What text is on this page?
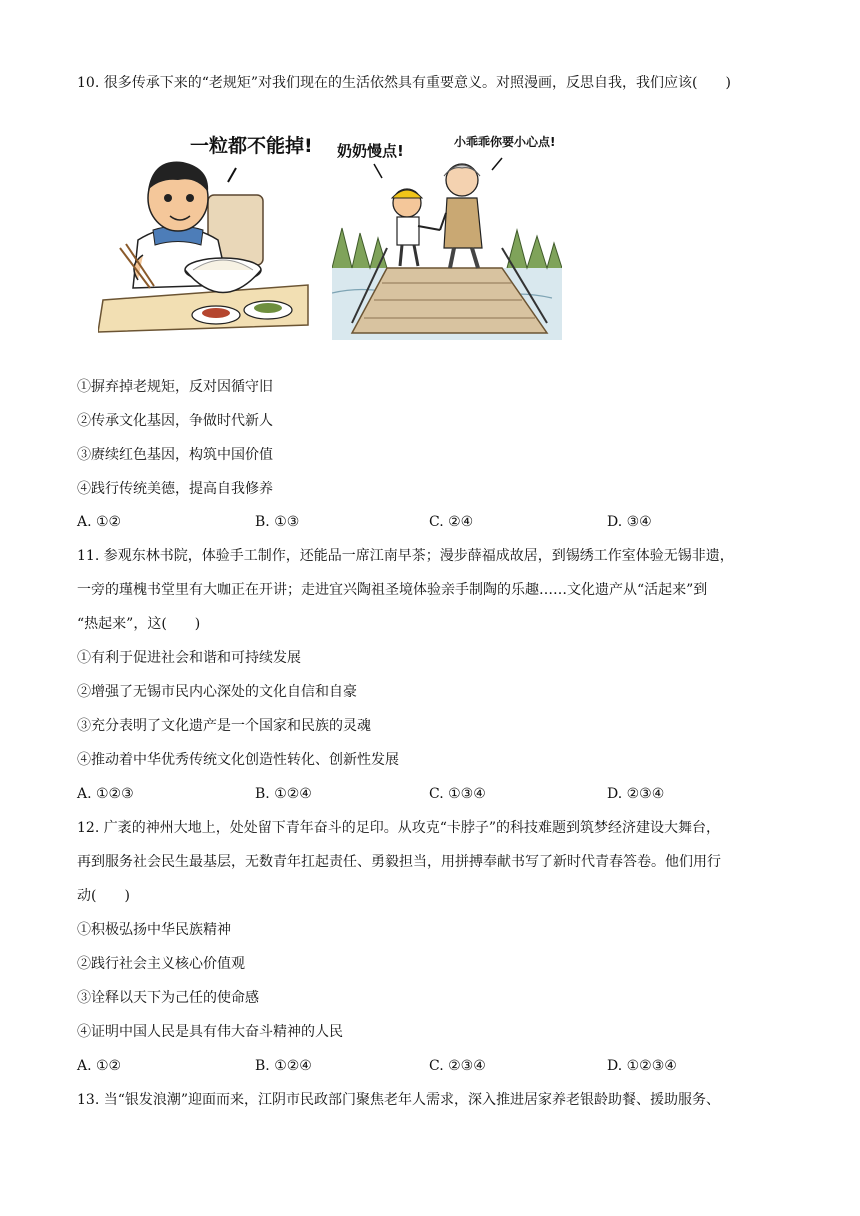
10. 很多传承下来的“老规矩”对我们现在的生活依然具有重要意义。对照漫画，反思自我，我们应该(　　)
一粒都不能掉! 奶奶慢点!	小乖乖你要小心点!
①摒弃掉老规矩，反对因循守旧
②传承文化基因，争做时代新人
③赓续红色基因，构筑中国价值
④践行传统美德，提高自我修养
A. ①②	B. ①③	C. ②④	D. ③④
11. 参观东林书院，体验手工制作，还能品一席江南早茶；漫步薛福成故居，到锡绣工作室体验无锡非遗，
一旁的瑾槐书堂里有大咖正在开讲；走进宜兴陶祖圣境体验亲手制陶的乐趣……文化遗产从“活起来”到
“热起来”，这(　　)
①有利于促进社会和谐和可持续发展
②增强了无锡市民内心深处的文化自信和自豪
③充分表明了文化遗产是一个国家和民族的灵魂
④推动着中华优秀传统文化创造性转化、创新性发展
A. ①②③	B. ①②④	C. ①③④	D. ②③④
12. 广袤的神州大地上，处处留下青年奋斗的足印。从攻克“卡脖子”的科技难题到筑梦经济建设大舞台，
再到服务社会民生最基层，无数青年扛起责任、勇毅担当，用拼搏奉献书写了新时代青春答卷。他们用行
动(　　)
①积极弘扬中华民族精神
②践行社会主义核心价值观
③诠释以天下为己任的使命感
④证明中国人民是具有伟大奋斗精神的人民
A. ①②	B. ①②④	C. ②③④	D. ①②③④
13. 当“银发浪潮”迎面而来，江阴市民政部门聚焦老年人需求，深入推进居家养老银龄助餐、援助服务、
